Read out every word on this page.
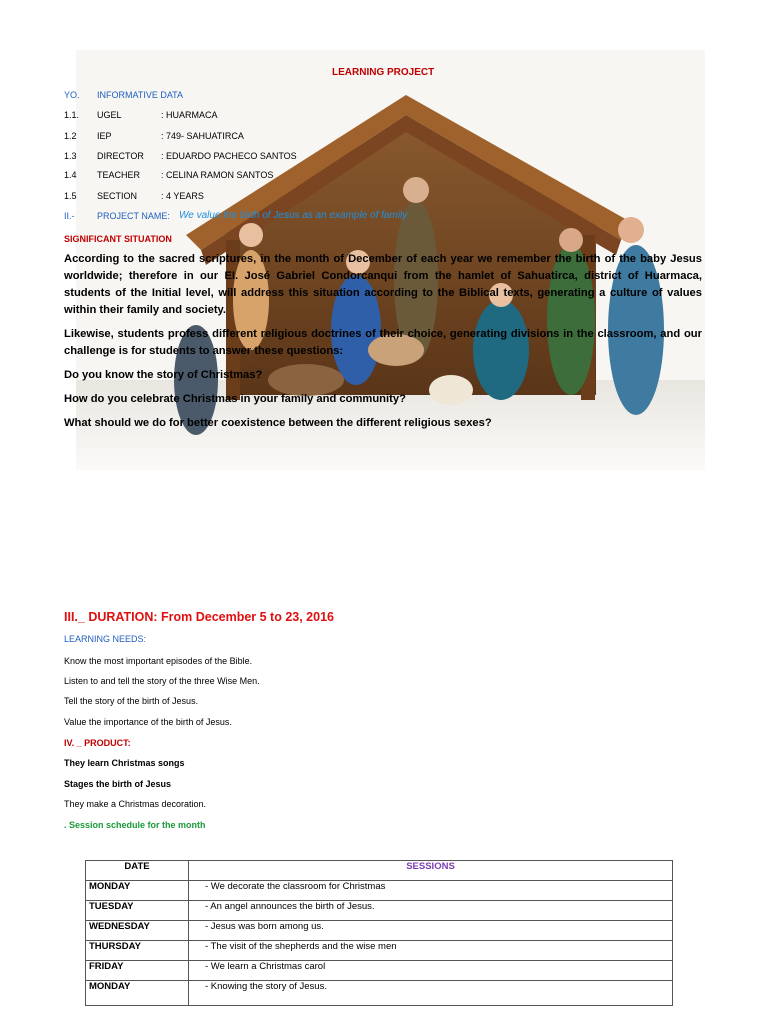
LEARNING PROJECT
YO. INFORMATIVE DATA
1.1. UGEL	: HUARMACA
1.2 IEP	: 749- SAHUATIRCA
1.3 DIRECTOR : EDUARDO PACHECO SANTOS
1.4 TEACHER : CELINA RAMON SANTOS
1.5 SECTION	: 4 YEARS
II.-	PROJECT NAME: We value the birth of Jesus as an example of family
SIGNIFICANT SITUATION
According to the sacred scriptures, in the month of December of each year we remember the birth of the baby Jesus worldwide; therefore in our EI. José Gabriel Condorcanqui from the hamlet of Sahuatirca, district of Huarmaca, students of the Initial level, will address this situation according to the Biblical texts, generating a culture of values within their family and society.
Likewise, students profess different religious doctrines of their choice, generating divisions in the classroom, and our challenge is for students to answer these questions:
Do you know the story of Christmas?
How do you celebrate Christmas in your family and community?
What should we do for better coexistence between the different religious sexes?
III._ DURATION: From December 5 to 23, 2016
LEARNING NEEDS:
Know the most important episodes of the Bible.
Listen to and tell the story of the three Wise Men.
Tell the story of the birth of Jesus.
Value the importance of the birth of Jesus.
IV. _ PRODUCT:
They learn Christmas songs
Stages the birth of Jesus
They make a Christmas decoration.
. Session schedule for the month
DATE	SESSIONS
MONDAY	- We decorate the classroom for Christmas
TUESDAY	- An angel announces the birth of Jesus.
WEDNESDAY	- Jesus was born among us.
THURSDAY	- The visit of the shepherds and the wise men
FRIDAY	- We learn a Christmas carol
MONDAY	- Knowing the story of Jesus.
